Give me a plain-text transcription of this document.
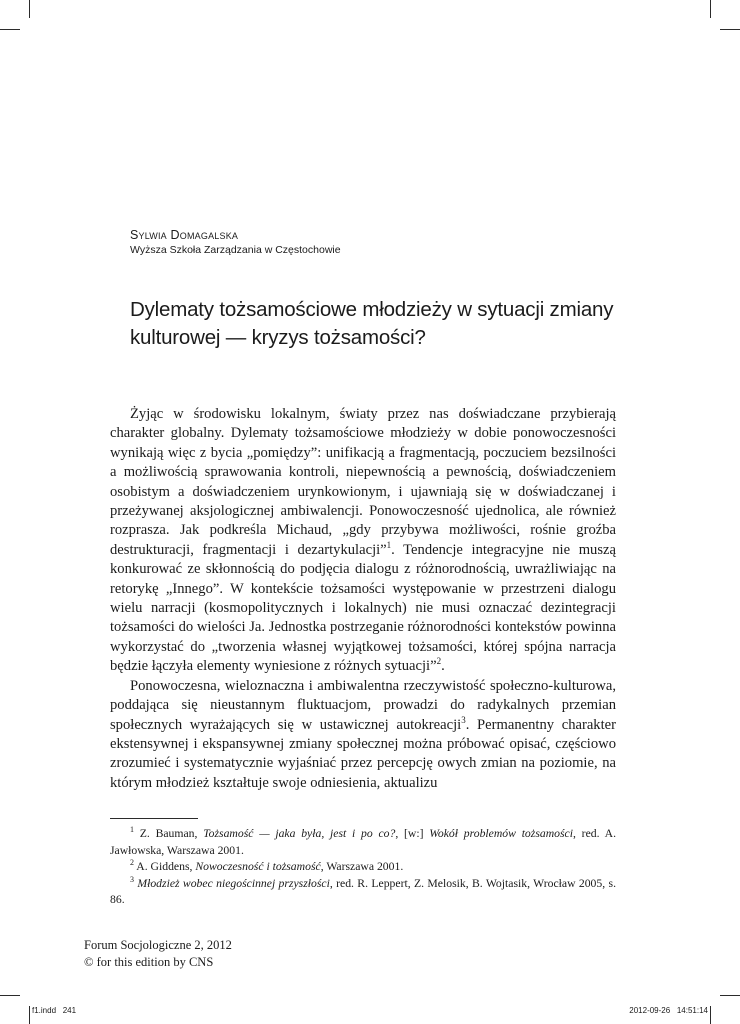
Sylwia Domagalska
Wyższa Szkoła Zarządzania w Częstochowie
Dylematy tożsamościowe młodzieży w sytuacji zmiany kulturowej — kryzys tożsamości?

Żyjąc w środowisku lokalnym, światy przez nas doświadczane przybierają charakter globalny. Dylematy tożsamościowe młodzieży w dobie ponowoczesności wynikają więc z bycia „pomiędzy”: unifikacją a fragmentacją, poczuciem bezsilności a możliwością sprawowania kontroli, niepewnością a pewnością, doświadczeniem osobistym a doświadczeniem urynkowionym, i ujawniają się w doświadczanej i przeżywanej aksjologicznej ambiwalencji. Ponowoczesność ujednolica, ale również rozprasza. Jak podkreśla Michaud, „gdy przybywa możliwości, rośnie groźba destrukturacji, fragmentacji i dezartykulacji”$^1$. Tendencje integracyjne nie muszą konkurować ze skłonnością do podjęcia dialogu z różnorodnością, uwrażliwiając na retorykę „Innego”. W kontekście tożsamości występowanie w przestrzeni dialogu wielu narracji (kosmopolitycznych i lokalnych) nie musi oznaczać dezintegracji tożsamości do wielości Ja. Jednostka postrzeganie różnorodności kontekstów powinna wykorzystać do „tworzenia własnej wyjątkowej tożsamości, której spójna narracja będzie łączyła elementy wyniesione z różnych sytuacji”$^2$.

Ponowoczesna, wieloznaczna i ambiwalentna rzeczywistość społeczno-kulturowa, poddająca się nieustannym fluktuacjom, prowadzi do radykalnych przemian społecznych wyrażających się w ustawicznej autokreacji$^3$. Permanentny charakter ekstensywnej i ekspansywnej zmiany społecznej można próbować opisać, częściowo zrozumieć i systematycznie wyjaśniać przez percepcję owych zmian na poziomie, na którym młodzież kształtuje swoje odniesienia, aktualizu

$^1$ Z. Bauman, Tożsamość — jaka była, jest i po co?, [w:] Wokół problemów tożsamości, red. A. Jawłowska, Warszawa 2001.

$^2$ A. Giddens, Nowoczesność i tożsamość, Warszawa 2001.

$^3$ Młodzież wobec niegościnnej przyszłości, red. R. Leppert, Z. Melosik, B. Wojtasik, Wrocław 2005, s. 86.

Forum Socjologiczne 2, 2012
© for this edition by CNS
f1.indd   241	2012-09-26   14:51:14
